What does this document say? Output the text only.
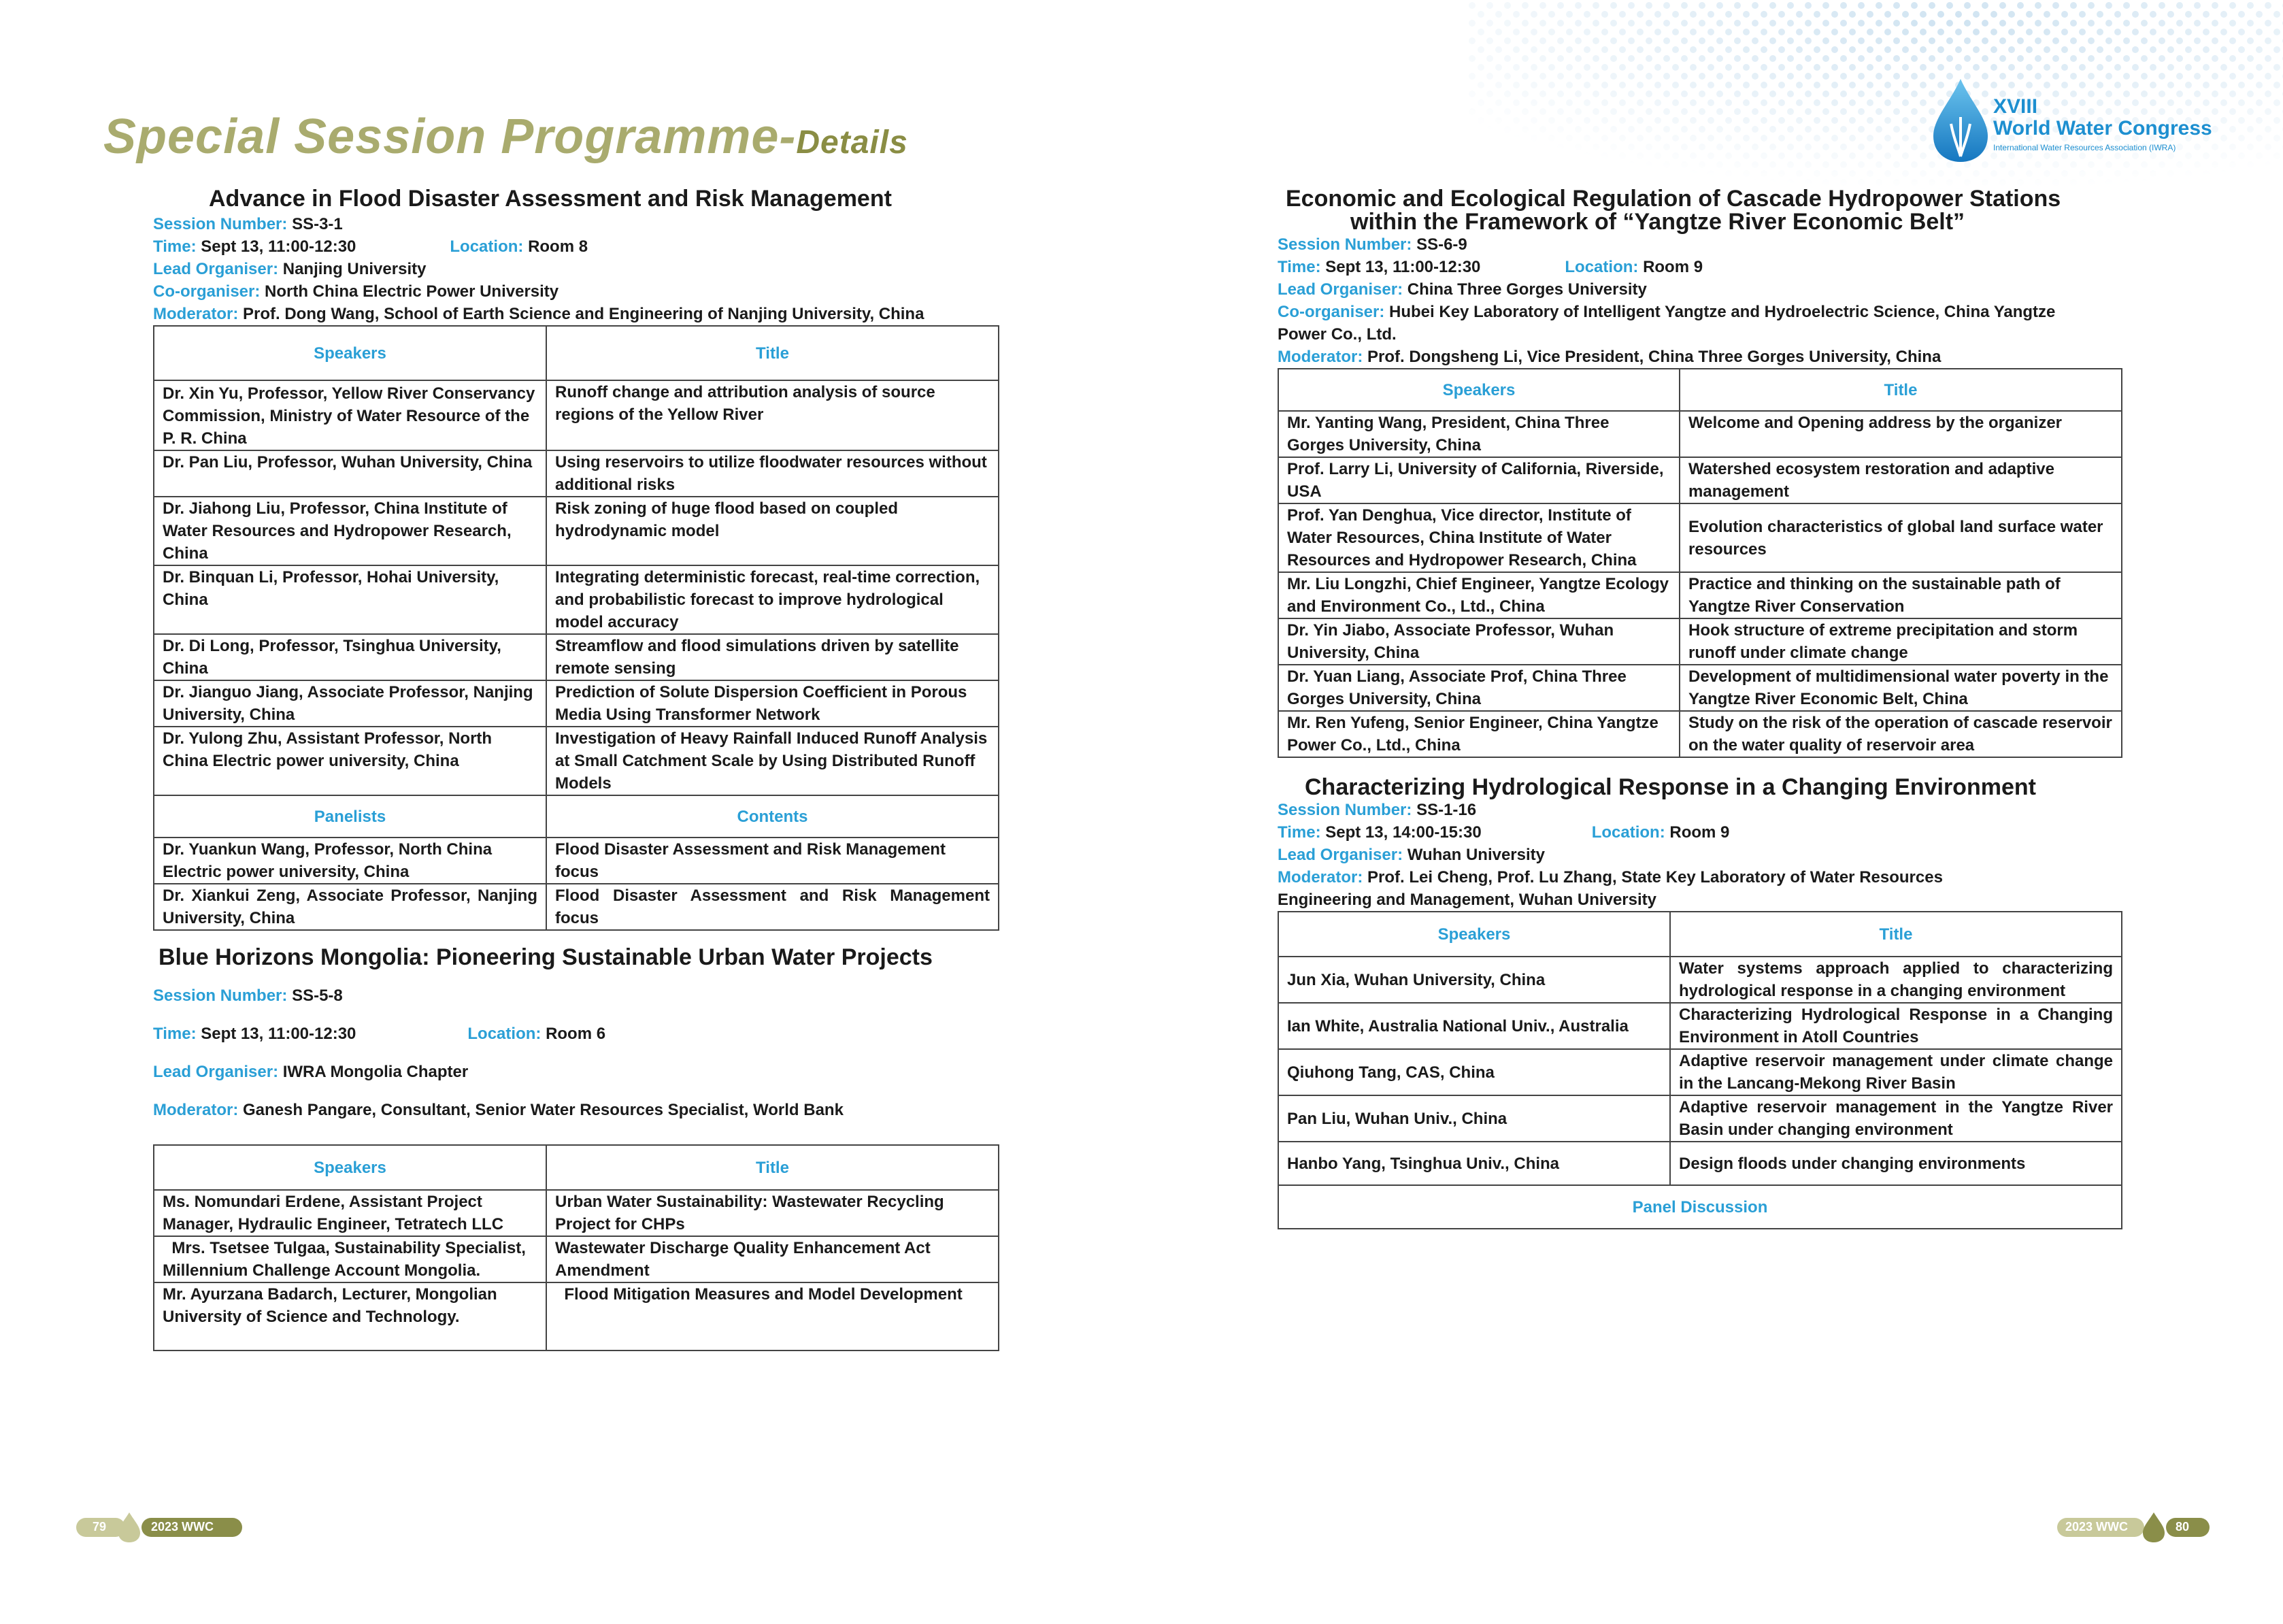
Special Session Programme-Details
XVIII
World Water Congress
International Water Resources Association (IWRA)
Advance in Flood Disaster Assessment and Risk Management
Session Number: SS-3-1
Time: Sept 13, 11:00-12:30	Location: Room 8
Lead Organiser: Nanjing University
Co-organiser: North China Electric Power University
Moderator: Prof. Dong Wang, School of Earth Science and Engineering of Nanjing University, China
Speakers	Title
Dr. Xin Yu, Professor, Yellow River Conservancy Commission, Ministry of Water Resource of the P. R. China	Runoff change and attribution analysis of source regions of the Yellow River
Dr. Pan Liu, Professor, Wuhan University, China	Using reservoirs to utilize floodwater resources without additional risks
Dr. Jiahong Liu, Professor, China Institute of Water Resources and Hydropower Research, China	Risk zoning of huge flood based on coupled hydrodynamic model
Dr. Binquan Li, Professor, Hohai University, China	Integrating deterministic forecast, real-time correction, and probabilistic forecast to improve hydrological model accuracy
Dr. Di Long, Professor, Tsinghua University, China	Streamflow and flood simulations driven by satellite remote sensing
Dr. Jianguo Jiang, Associate Professor, Nanjing University, China	Prediction of Solute Dispersion Coefficient in Porous Media Using Transformer Network
Dr. Yulong Zhu, Assistant Professor, North China Electric power university, China	Investigation of Heavy Rainfall Induced Runoff Analysis at Small Catchment Scale by Using Distributed Runoff Models
Panelists	Contents
Dr. Yuankun Wang, Professor, North China Electric power university, China	Flood Disaster Assessment and Risk Management focus
Dr. Xiankui Zeng, Associate Professor, Nanjing University, China	Flood Disaster Assessment and Risk Management focus
Blue Horizons Mongolia: Pioneering Sustainable Urban Water Projects
Session Number: SS-5-8
Time: Sept 13, 11:00-12:30	Location: Room 6
Lead Organiser: IWRA Mongolia Chapter
Moderator: Ganesh Pangare, Consultant, Senior Water Resources Specialist, World Bank
Speakers	Title
Ms. Nomundari Erdene, Assistant Project Manager, Hydraulic Engineer, Tetratech LLC	Urban Water Sustainability: Wastewater Recycling Project for CHPs
Mrs. Tsetsee Tulgaa, Sustainability Specialist, Millennium Challenge Account Mongolia.	Wastewater Discharge Quality Enhancement Act Amendment
Mr. Ayurzana Badarch, Lecturer, Mongolian University of Science and Technology.	Flood Mitigation Measures and Model Development
Economic and Ecological Regulation of Cascade Hydropower Stations
within the Framework of “Yangtze River Economic Belt”
Session Number: SS-6-9
Time: Sept 13, 11:00-12:30	Location: Room 9
Lead Organiser: China Three Gorges University
Co-organiser: Hubei Key Laboratory of Intelligent Yangtze and Hydroelectric Science, China Yangtze Power Co., Ltd.
Moderator: Prof. Dongsheng Li, Vice President, China Three Gorges University, China
Speakers	Title
Mr. Yanting Wang, President, China Three Gorges University, China	Welcome and Opening address by the organizer
Prof. Larry Li, University of California, Riverside, USA	Watershed ecosystem restoration and adaptive management
Prof. Yan Denghua, Vice director, Institute of Water Resources, China Institute of Water Resources and Hydropower Research, China	Evolution characteristics of global land surface water resources
Mr. Liu Longzhi, Chief Engineer, Yangtze Ecology and Environment Co., Ltd., China	Practice and thinking on the sustainable path of Yangtze River Conservation
Dr. Yin Jiabo, Associate Professor, Wuhan University, China	Hook structure of extreme precipitation and storm runoff under climate change
Dr. Yuan Liang, Associate Prof, China Three Gorges University, China	Development of multidimensional water poverty in the Yangtze River Economic Belt, China
Mr. Ren Yufeng, Senior Engineer, China Yangtze Power Co., Ltd., China	Study on the risk of the operation of cascade reservoir on the water quality of reservoir area
Characterizing Hydrological Response in a Changing Environment
Session Number: SS-1-16
Time: Sept 13, 14:00-15:30	Location: Room 9
Lead Organiser: Wuhan University
Moderator: Prof. Lei Cheng, Prof. Lu Zhang, State Key Laboratory of Water Resources Engineering and Management, Wuhan University
Speakers	Title
Jun Xia, Wuhan University, China	Water systems approach applied to characterizing hydrological response in a changing environment
Ian White, Australia National Univ., Australia	Characterizing Hydrological Response in a Changing Environment in Atoll Countries
Qiuhong Tang, CAS, China	Adaptive reservoir management under climate change in the Lancang-Mekong River Basin
Pan Liu, Wuhan Univ., China	Adaptive reservoir management in the Yangtze River Basin under changing environment
Hanbo Yang, Tsinghua Univ., China	Design floods under changing environments
Panel Discussion	
79	2023 WWC	2023 WWC	80
